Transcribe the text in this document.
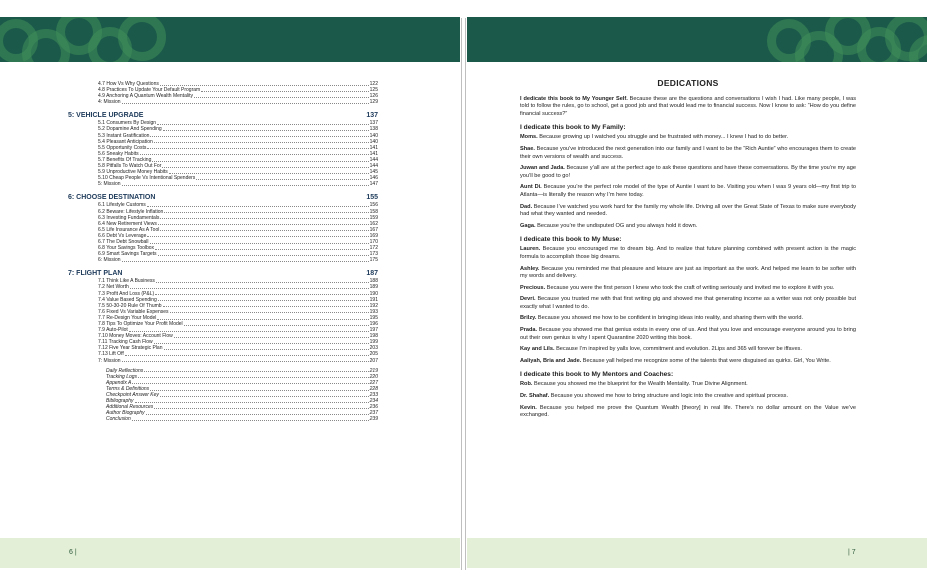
4.7 How Vs Why Questions	122
4.8 Practices To Update Your Default Program	125
4.9 Anchoring A Quantum Wealth Mentality	126
4: Mission	129
5: VEHICLE UPGRADE	137
5.1 Consumers By Design	137
5.2 Dopamine And Spending	138
5.3 Instant Gratification	140
5.4 Pleasant Anticipation	140
5.5 Opportunity Costs	141
5.6 Sneaky Habits	141
5.7 Benefits Of Tracking	144
5.8 Pitfalls To Watch Out For	144
5.9 Unproductive Money Habits	145
5.10 Cheap People Vs Intentional Spenders	146
5: Mission	147
6: CHOOSE DESTINATION	155
6.1 Lifestyle Customs	156
6.2 Beware: Lifestyle Inflation	158
6.3 Investing Fundamentals	159
6.4 New Retirement Views	162
6.5 Life Insurance As A Tool	167
6.6 Debt Vs Leverage	169
6.7 The Debt Snowball	170
6.8 Your Savings Toolbox	172
6.9 Smart Savings Targets	173
6: Mission	175
7: FLIGHT PLAN	187
7.1 Think Like A Business	188
7.2 Net Worth	189
7.3 Profit And Loss (P&L)	190
7.4 Value Based Spending	191
7.5 50-30-20 Rule Of Thumb	192
7.6 Fixed Vs Variable Expenses	193
7.7 Re-Design Your Model	195
7.8 Tips To Optimize Your Profit Model	196
7.9 Auto-Pilot	197
7.10 Money Moves: Account Flow	198
7.11 Tracking Cash Flow	199
7.12 Five Year Strategic Plan	203
7.13 Lift Off	205
7: Mission	207
Daily Reflections	219
Tracking Logs	220
Appendix A	227
Terms & Definitions	228
Checkpoint Answer Key	233
Bibliography	234
Additional Resources	236
Author Biography	237
Conclusion	239
6 |
DEDICATIONS

I dedicate this book to My Younger Self. Because these are the questions and conversations I wish I had. Like many people, I was told to follow the rules, go to school, get a good job and that would lead me to financial success. Now I know to ask: “How do you define financial success?”

I dedicate this book to My Family:

Moms. Because growing up I watched you struggle and be frustrated with money... I knew I had to do better.

Shae. Because you’ve introduced the next generation into our family and I want to be the “Rich Auntie” who encourages them to create their own versions of wealth and success.

Juwan and Jada. Because y’all are at the perfect age to ask these questions and have these conversations. By the time you’re my age you’ll be good to go!

Aunt Di. Because you’re the perfect role model of the type of Auntie I want to be. Visiting you when I was 9 years old—my first trip to Atlanta—is literally the reason why I’m here today.

Dad. Because I’ve watched you work hard for the family my whole life. Driving all over the Great State of Texas to make sure everybody had what they wanted and needed.

Gaga. Because you’re the undisputed OG and you always hold it down.

I dedicate this book to My Muse:

Lauren. Because you encouraged me to dream big. And to realize that future planning combined with present action is the magic formula to accomplish those big dreams.

Ashley. Because you reminded me that pleasure and leisure are just as important as the work. And helped me learn to be softer with my words and delivery.

Precious. Because you were the first person I knew who took the craft of writing seriously and invited me to explore it with you.

Devri. Because you trusted me with that first writing gig and showed me that generating income as a writer was not only possible but exactly what I wanted to do.

Brilzy. Because you showed me how to be confident in bringing ideas into reality, and sharing them with the world.

Prada. Because you showed me that genius exists in every one of us. And that you love and encourage everyone around you to bring out their own genius is why I spent Quarantine 2020 writing this book.

Kay and Lils. Because I’m inspired by yalls love, commitment and evolution. 2Lips and 365 will forever be iffaves.

Aaliyah, Bria and Jade. Because yall helped me recognize some of the talents that were disguised as quirks. Girl, You Write.

I dedicate this book to My Mentors and Coaches:

Rob. Because you showed me the blueprint for the Wealth Mentality. True Divine Alignment.

Dr. Shahaf. Because you showed me how to bring structure and logic into the creative and spiritual process.

Kevin. Because you helped me prove the Quantum Wealth [theory] in real life. There’s no dollar amount on the Value we’ve exchanged.

| 7
